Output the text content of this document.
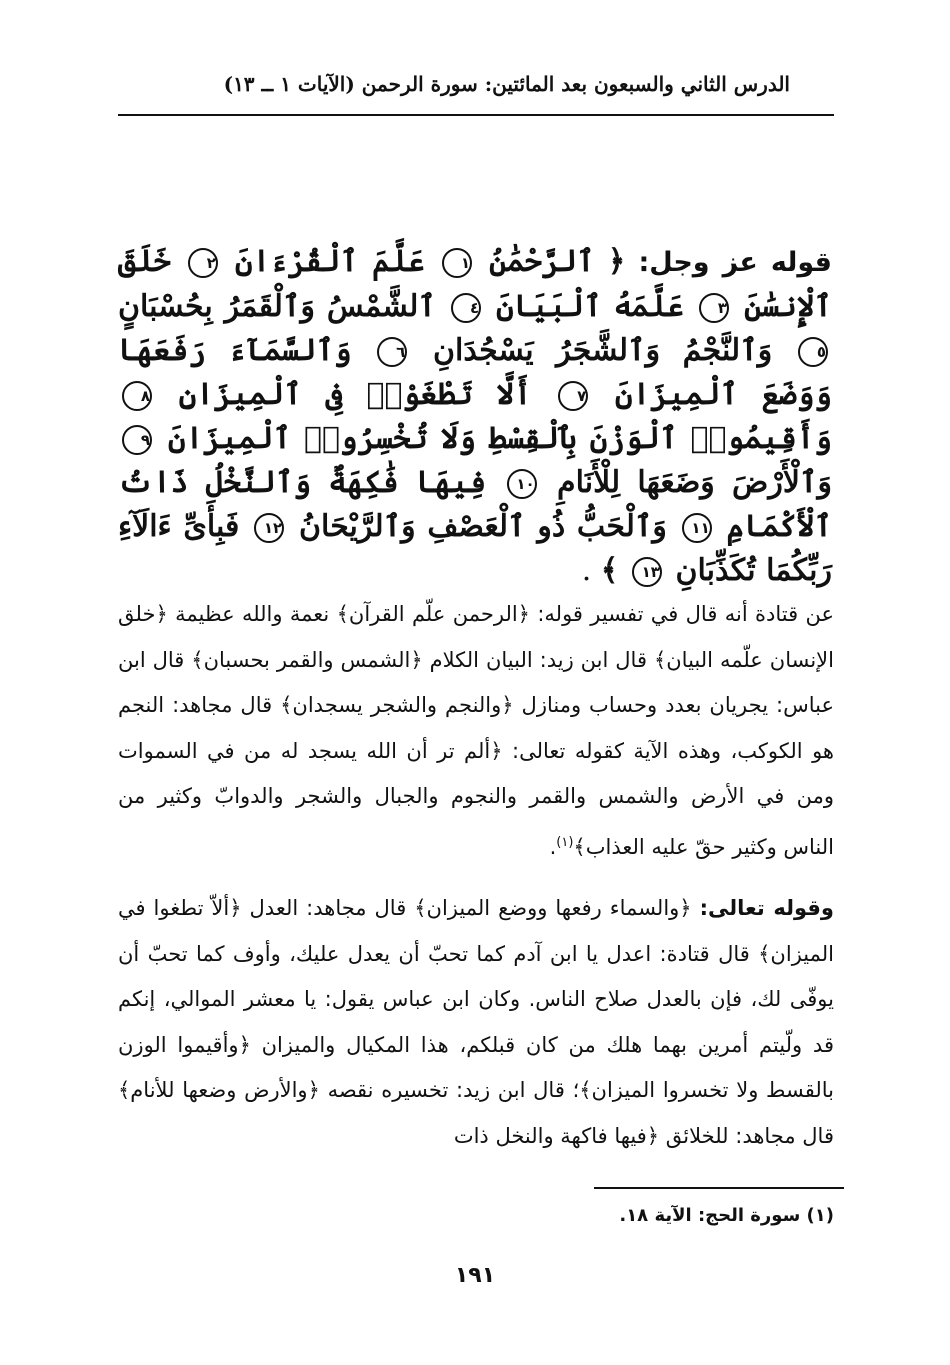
الدرس الثاني والسبعون بعد المائتين: سورة الرحمن (الآيات ١ ــ ١٣)
قوله عز وجل: ﴿ ٱلرَّحْمَٰنُ ١ عَلَّمَ ٱلْقُرْءَانَ ٢ خَلَقَ ٱلْإِنسَٰنَ ٣ عَلَّمَهُ ٱلْبَيَانَ ٤ ٱلشَّمْسُ وَٱلْقَمَرُ بِحُسْبَانٍ ٥ وَٱلنَّجْمُ وَٱلشَّجَرُ يَسْجُدَانِ ٦ وَٱلسَّمَآءَ رَفَعَهَا وَوَضَعَ ٱلْمِيزَانَ ٧ أَلَّا تَطْغَوْا۟ فِى ٱلْمِيزَانِ ٨ وَأَقِيمُوا۟ ٱلْوَزْنَ بِٱلْقِسْطِ وَلَا تُخْسِرُوا۟ ٱلْمِيزَانَ ٩ وَٱلْأَرْضَ وَضَعَهَا لِلْأَنَامِ ١٠ فِيهَا فَٰكِهَةٌ وَٱلنَّخْلُ ذَاتُ ٱلْأَكْمَامِ ١١ وَٱلْحَبُّ ذُو ٱلْعَصْفِ وَٱلرَّيْحَانُ ١٢ فَبِأَىِّ ءَالَآءِ رَبِّكُمَا تُكَذِّبَانِ ١٣ ﴾ .
عن قتادة أنه قال في تفسير قوله: ﴿الرحمن علّم القرآن﴾ نعمة والله عظيمة ﴿خلق الإنسان علّمه البيان﴾ قال ابن زيد: البيان الكلام ﴿الشمس والقمر بحسبان﴾ قال ابن عباس: يجريان بعدد وحساب ومنازل ﴿والنجم والشجر يسجدان﴾ قال مجاهد: النجم هو الكوكب، وهذه الآية كقوله تعالى: ﴿ألم تر أن الله يسجد له من في السموات ومن في الأرض والشمس والقمر والنجوم والجبال والشجر والدوابّ وكثير من الناس وكثير حقّ عليه العذاب﴾$^{(١)}$.
وقوله تعالى: ﴿والسماء رفعها ووضع الميزان﴾ قال مجاهد: العدل ﴿ألاّ تطغوا في الميزان﴾ قال قتادة: اعدل يا ابن آدم كما تحبّ أن يعدل عليك، وأوف كما تحبّ أن يوفّى لك، فإن بالعدل صلاح الناس. وكان ابن عباس يقول: يا معشر الموالي، إنكم قد ولّيتم أمرين بهما هلك من كان قبلكم، هذا المكيال والميزان ﴿وأقيموا الوزن بالقسط ولا تخسروا الميزان﴾؛ قال ابن زيد: تخسيره نقصه ﴿والأرض وضعها للأنام﴾ قال مجاهد: للخلائق ﴿فيها فاكهة والنخل ذات
(١) سورة الحج: الآية ١٨.
١٩١
